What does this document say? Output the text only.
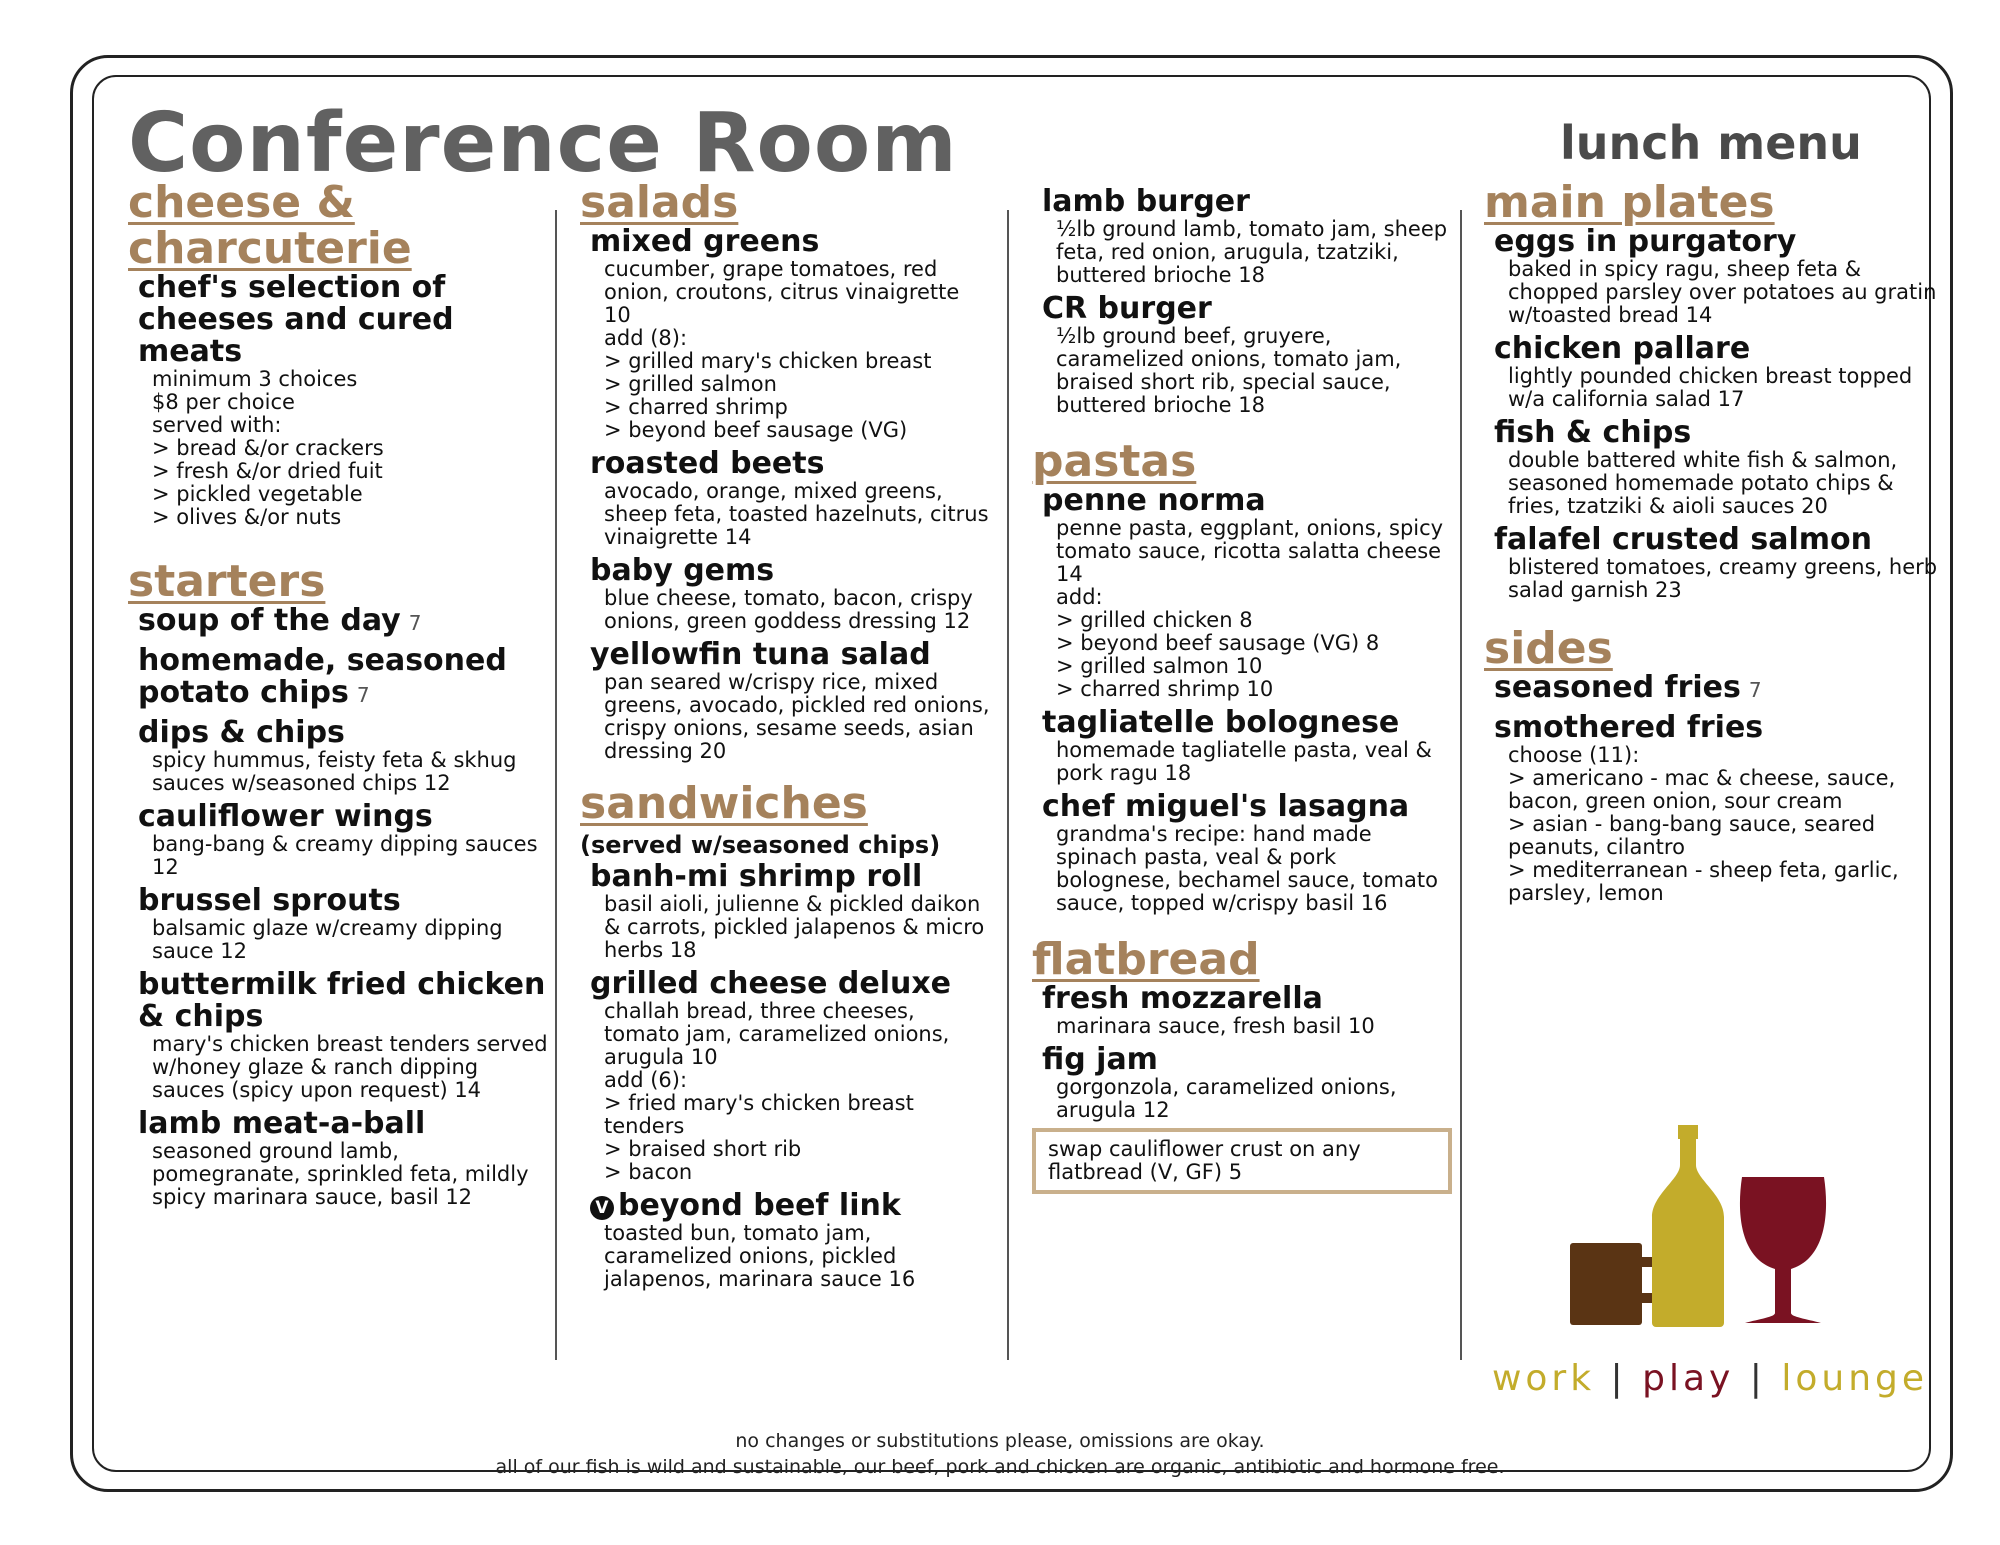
Conference Room	lunch menu
cheese & charcuterie
chef's selection of cheeses and cured meats
minimum 3 choices
$8 per choice
served with:
> bread &/or crackers
> fresh &/or dried fuit
> pickled vegetable
> olives &/or nuts
starters
soup of the day 7
homemade, seasoned potato chips 7
dips & chips
spicy hummus, feisty feta & skhug sauces w/seasoned chips 12
cauliflower wings
bang-bang & creamy dipping sauces 12
brussel sprouts
balsamic glaze w/creamy dipping sauce 12
buttermilk fried chicken & chips
mary's chicken breast tenders served w/honey glaze & ranch dipping sauces (spicy upon request) 14
lamb meat-a-ball
seasoned ground lamb, pomegranate, sprinkled feta, mildly spicy marinara sauce, basil 12
salads
mixed greens
cucumber, grape tomatoes, red onion, croutons, citrus vinaigrette 10
add (8):
> grilled mary's chicken breast
> grilled salmon
> charred shrimp
> beyond beef sausage (VG)
roasted beets
avocado, orange, mixed greens, sheep feta, toasted hazelnuts, citrus vinaigrette 14
baby gems
blue cheese, tomato, bacon, crispy onions, green goddess dressing 12
yellowfin tuna salad
pan seared w/crispy rice, mixed greens, avocado, pickled red onions, crispy onions, sesame seeds, asian dressing 20
sandwiches
(served w/seasoned chips)
banh-mi shrimp roll
basil aioli, julienne & pickled daikon & carrots, pickled jalapenos & micro herbs 18
grilled cheese deluxe
challah bread, three cheeses, tomato jam, caramelized onions, arugula 10
add (6):
> fried mary's chicken breast
tenders
> braised short rib
> bacon
V beyond beef link
toasted bun, tomato jam, caramelized onions, pickled jalapenos, marinara sauce 16
lamb burger
½lb ground lamb, tomato jam, sheep feta, red onion, arugula, tzatziki, buttered brioche 18
CR burger
½lb ground beef, gruyere, caramelized onions, tomato jam, braised short rib, special sauce, buttered brioche 18
pastas
penne norma
penne pasta, eggplant, onions, spicy tomato sauce, ricotta salatta cheese 14
add:
> grilled chicken 8
> beyond beef sausage (VG) 8
> grilled salmon 10
> charred shrimp 10
tagliatelle bolognese
homemade tagliatelle pasta, veal & pork ragu 18
chef miguel's lasagna
grandma's recipe: hand made spinach pasta, veal & pork bolognese, bechamel sauce, tomato sauce, topped w/crispy basil 16
flatbread
fresh mozzarella
marinara sauce, fresh basil 10
fig jam
gorgonzola, caramelized onions, arugula 12
swap cauliflower crust on any flatbread (V, GF) 5
main plates
eggs in purgatory
baked in spicy ragu, sheep feta & chopped parsley over potatoes au gratin w/toasted bread 14
chicken pallare
lightly pounded chicken breast topped w/a california salad 17
fish & chips
double battered white fish & salmon, seasoned homemade potato chips & fries, tzatziki & aioli sauces 20
falafel crusted salmon
blistered tomatoes, creamy greens, herb salad garnish 23
sides
seasoned fries 7
smothered fries
choose (11):
> americano - mac & cheese, sauce,
bacon, green onion, sour cream
> asian - bang-bang sauce, seared
peanuts, cilantro
> mediterranean - sheep feta, garlic,
parsley, lemon
work | play | lounge
no changes or substitutions please, omissions are okay.
all of our fish is wild and sustainable, our beef, pork and chicken are organic, antibiotic and hormone free.
